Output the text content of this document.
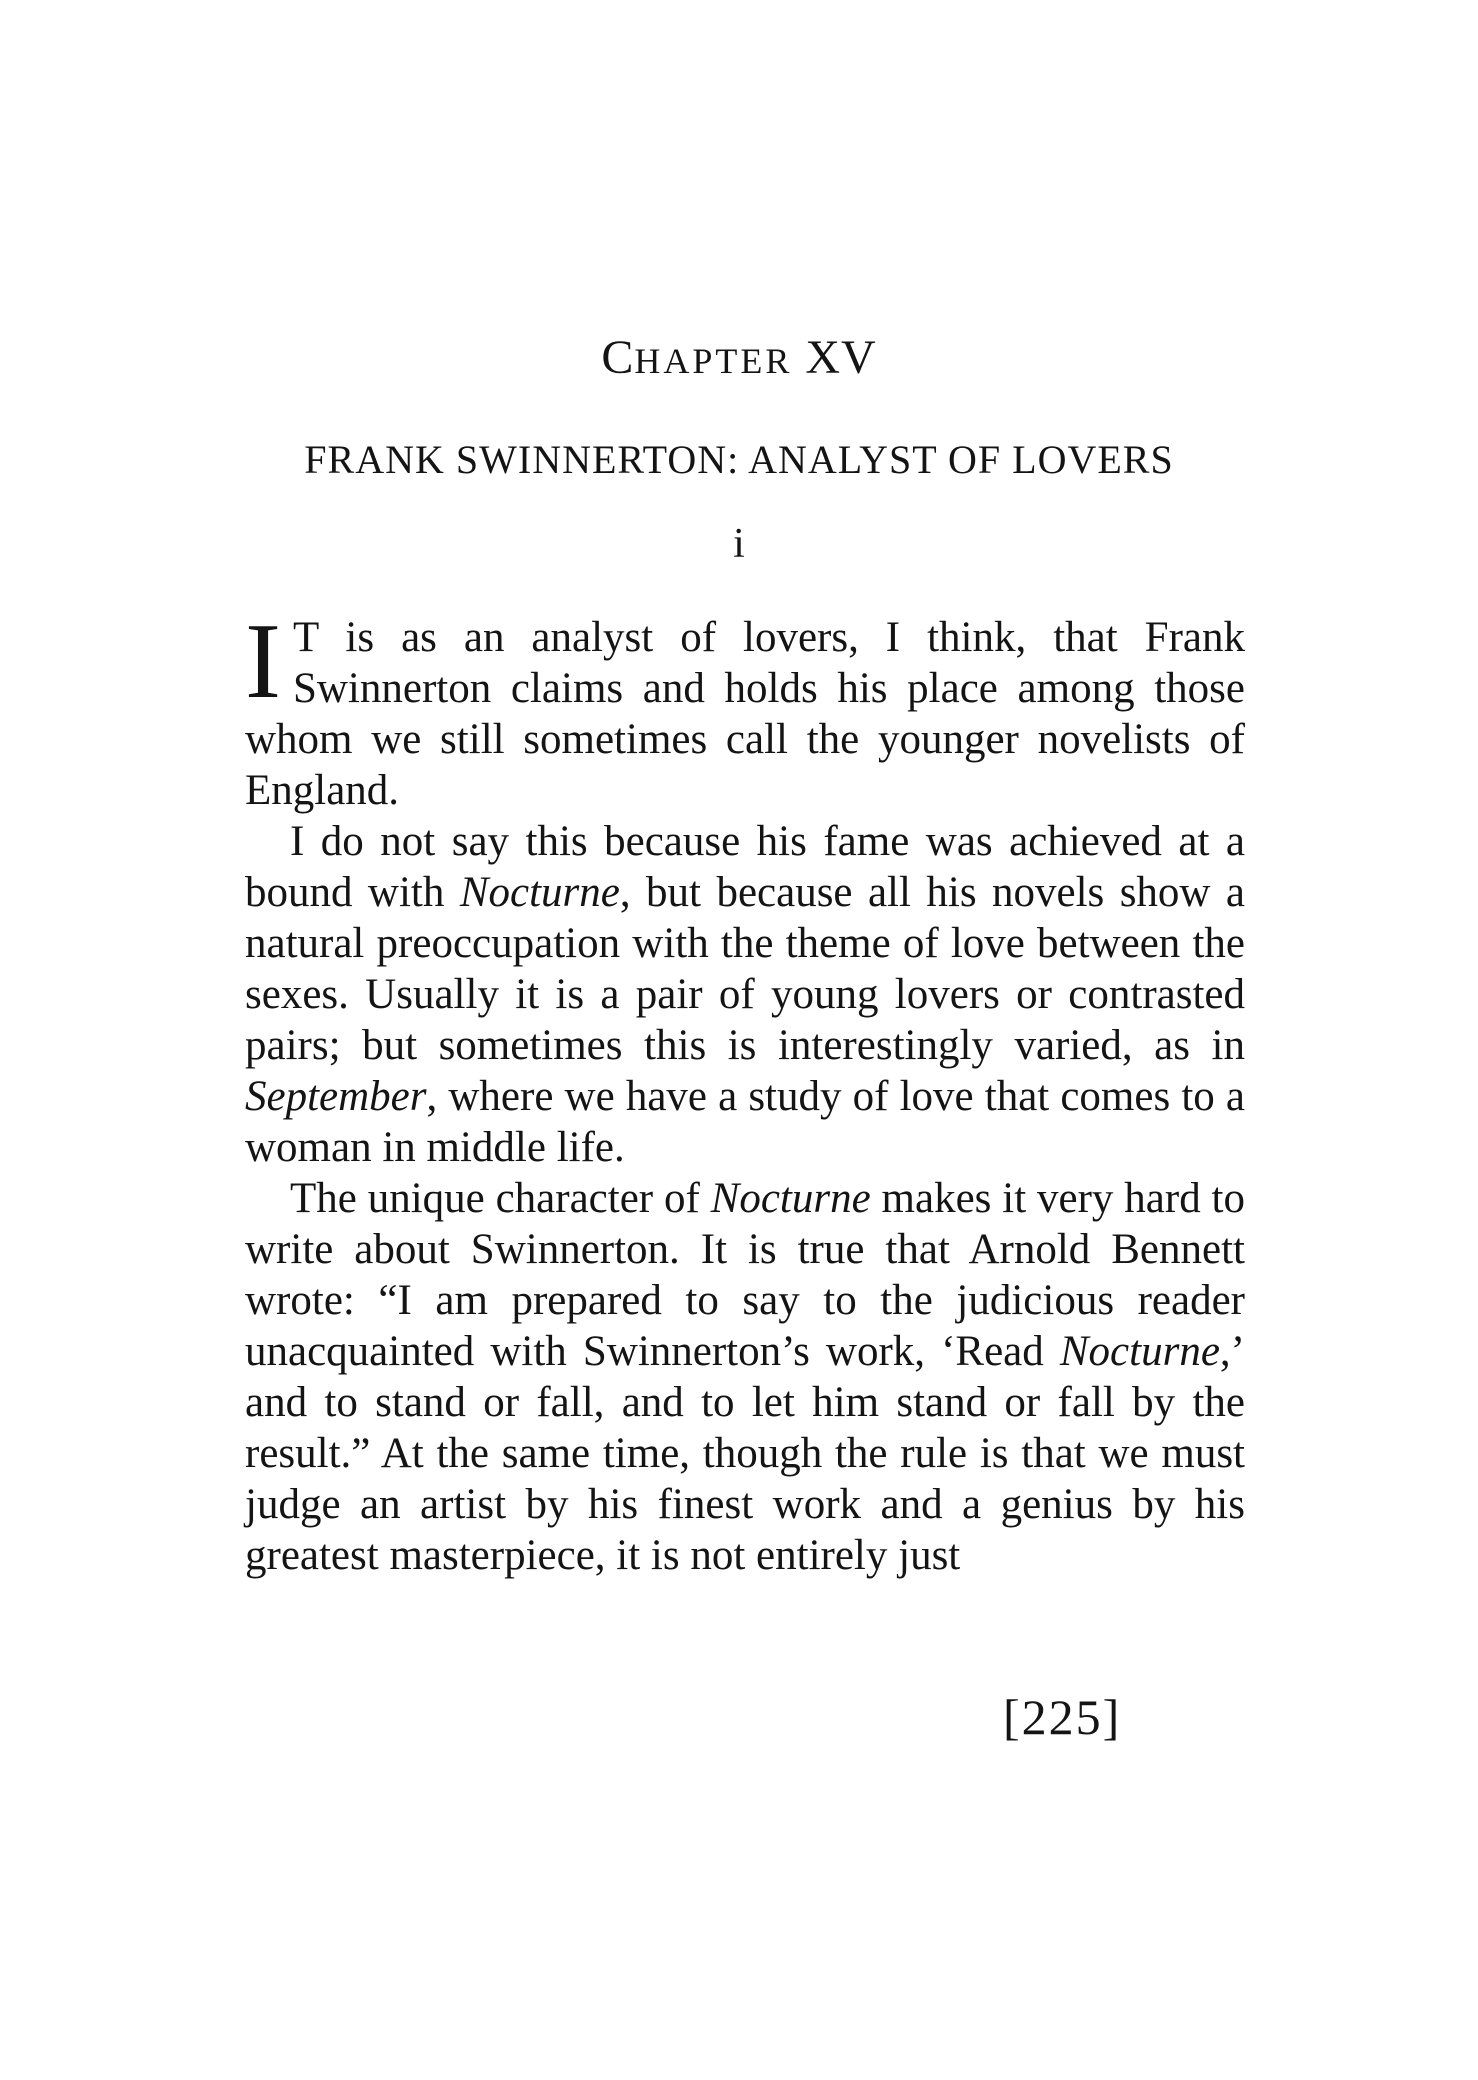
CHAPTER XV
FRANK SWINNERTON: ANALYST OF LOVERS
i

I T is as an analyst of lovers, I think, that Frank Swinnerton claims and holds his place among those whom we still sometimes call the younger novelists of England.

I do not say this because his fame was achieved at a bound with Nocturne, but because all his novels show a natural preoccupation with the theme of love between the sexes. Usually it is a pair of young lovers or contrasted pairs; but sometimes this is interestingly varied, as in September, where we have a study of love that comes to a woman in middle life.

The unique character of Nocturne makes it very hard to write about Swinnerton. It is true that Arnold Bennett wrote: “I am prepared to say to the judicious reader unacquainted with Swinnerton’s work, ‘Read Nocturne,’ and to stand or fall, and to let him stand or fall by the result.” At the same time, though the rule is that we must judge an artist by his finest work and a genius by his greatest masterpiece, it is not entirely just

[225]
